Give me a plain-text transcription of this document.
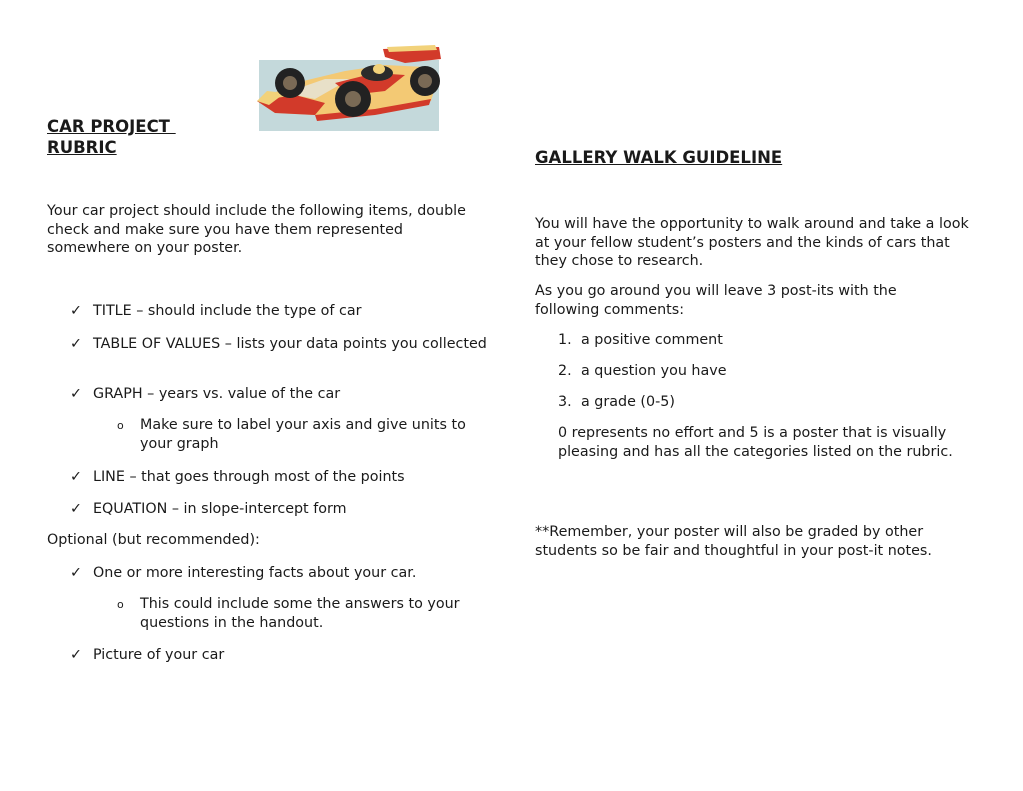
CAR PROJECT
RUBRIC

Your car project should include the following items, double check and make sure you have them represented somewhere on your poster.

✓ TITLE – should include the type of car
✓ TABLE OF VALUES – lists your data points you collected
✓ GRAPH – years vs. value of the car
o Make sure to label your axis and give units to your graph
✓ LINE – that goes through most of the points
✓ EQUATION – in slope-intercept form

Optional (but recommended):

✓ One or more interesting facts about your car.
o This could include some the answers to your questions in the handout.
✓ Picture of your car
GALLERY WALK GUIDELINE

You will have the opportunity to walk around and take a look at your fellow student’s posters and the kinds of cars that they chose to research.

As you go around you will leave 3 post-its with the following comments:

1. a positive comment
2. a question you have
3. a grade (0-5)

0 represents no effort and 5 is a poster that is visually pleasing and has all the categories listed on the rubric.

**Remember, your poster will also be graded by other students so be fair and thoughtful in your post-it notes.
